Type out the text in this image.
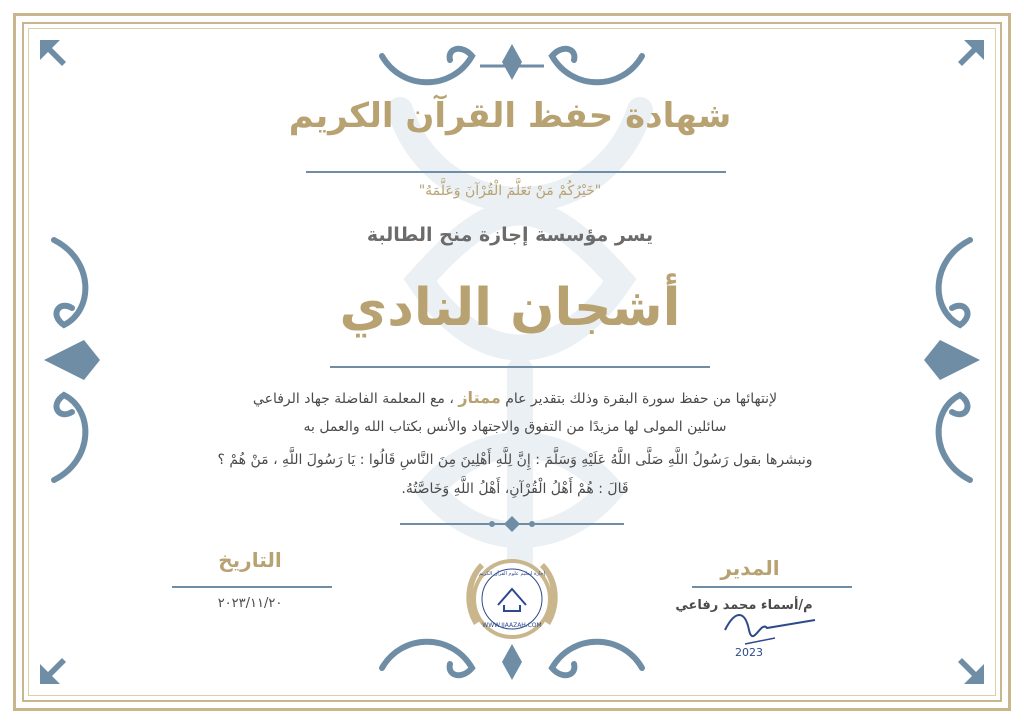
شهادة حفظ القرآن الكريم
"خَيْرُكُمْ مَنْ تَعَلَّمَ الْقُرْآنَ وَعَلَّمَهُ"
يسر مؤسسة إجازة منح الطالبة
أشجان النادي
لإنتهائها من حفظ سورة البقرة وذلك بتقدير عام ممتاز ، مع المعلمة الفاضلة جهاد الرفاعي
سائلين المولى لها مزيدًا من التفوق والاجتهاد والأنس بكتاب الله والعمل به
ونبشرها بقول رَسُولُ اللَّهِ صَلَّى اللَّهُ عَلَيْهِ وَسَلَّمَ : إِنَّ لِلَّهِ أَهْلِينَ مِنَ النَّاسِ قَالُوا : يَا رَسُولَ اللَّهِ ، مَنْ هُمْ ؟
قَالَ : هُمْ أَهْلُ الْقُرْآنِ، أَهْلُ اللَّهِ وَخَاصَّتُهُ.
التاريخ
٢٠٢٣/١١/٢٠
المدير
م/أسماء محمد رفاعي
2023
WWW.IJAAZAH.COM
إجازة لتعليم علوم القرآن الكريم
